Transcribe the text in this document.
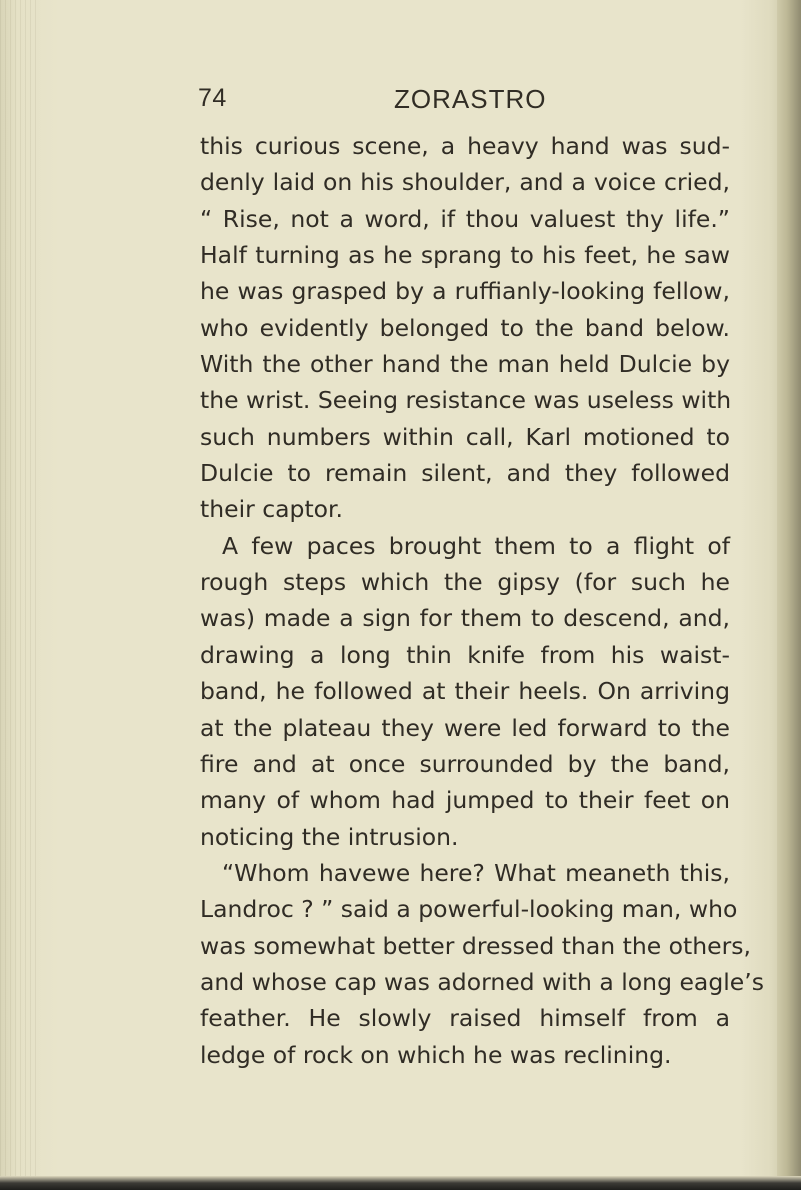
74	ZORASTRO
this curious scene, a heavy hand was sud-
denly laid on his shoulder, and a voice cried,
“ Rise, not a word, if thou valuest thy life.”
Half turning as he sprang to his feet, he saw
he was grasped by a ruffianly-looking fellow,
who evidently belonged to the band below.
With the other hand the man held Dulcie by
the wrist. Seeing resistance was useless with
such numbers within call, Karl motioned to
Dulcie to remain silent, and they followed
their captor.
A few paces brought them to a flight of
rough steps which the gipsy (for such he
was) made a sign for them to descend, and,
drawing a long thin knife from his waist-
band, he followed at their heels. On arriving
at the plateau they were led forward to the
fire and at once surrounded by the band,
many of whom had jumped to their feet on
noticing the intrusion.
“Whom havewe here? What meaneth this,
Landroc ? ” said a powerful-looking man, who
was somewhat better dressed than the others,
and whose cap was adorned with a long eagle’s
feather. He slowly raised himself from a
ledge of rock on which he was reclining.
